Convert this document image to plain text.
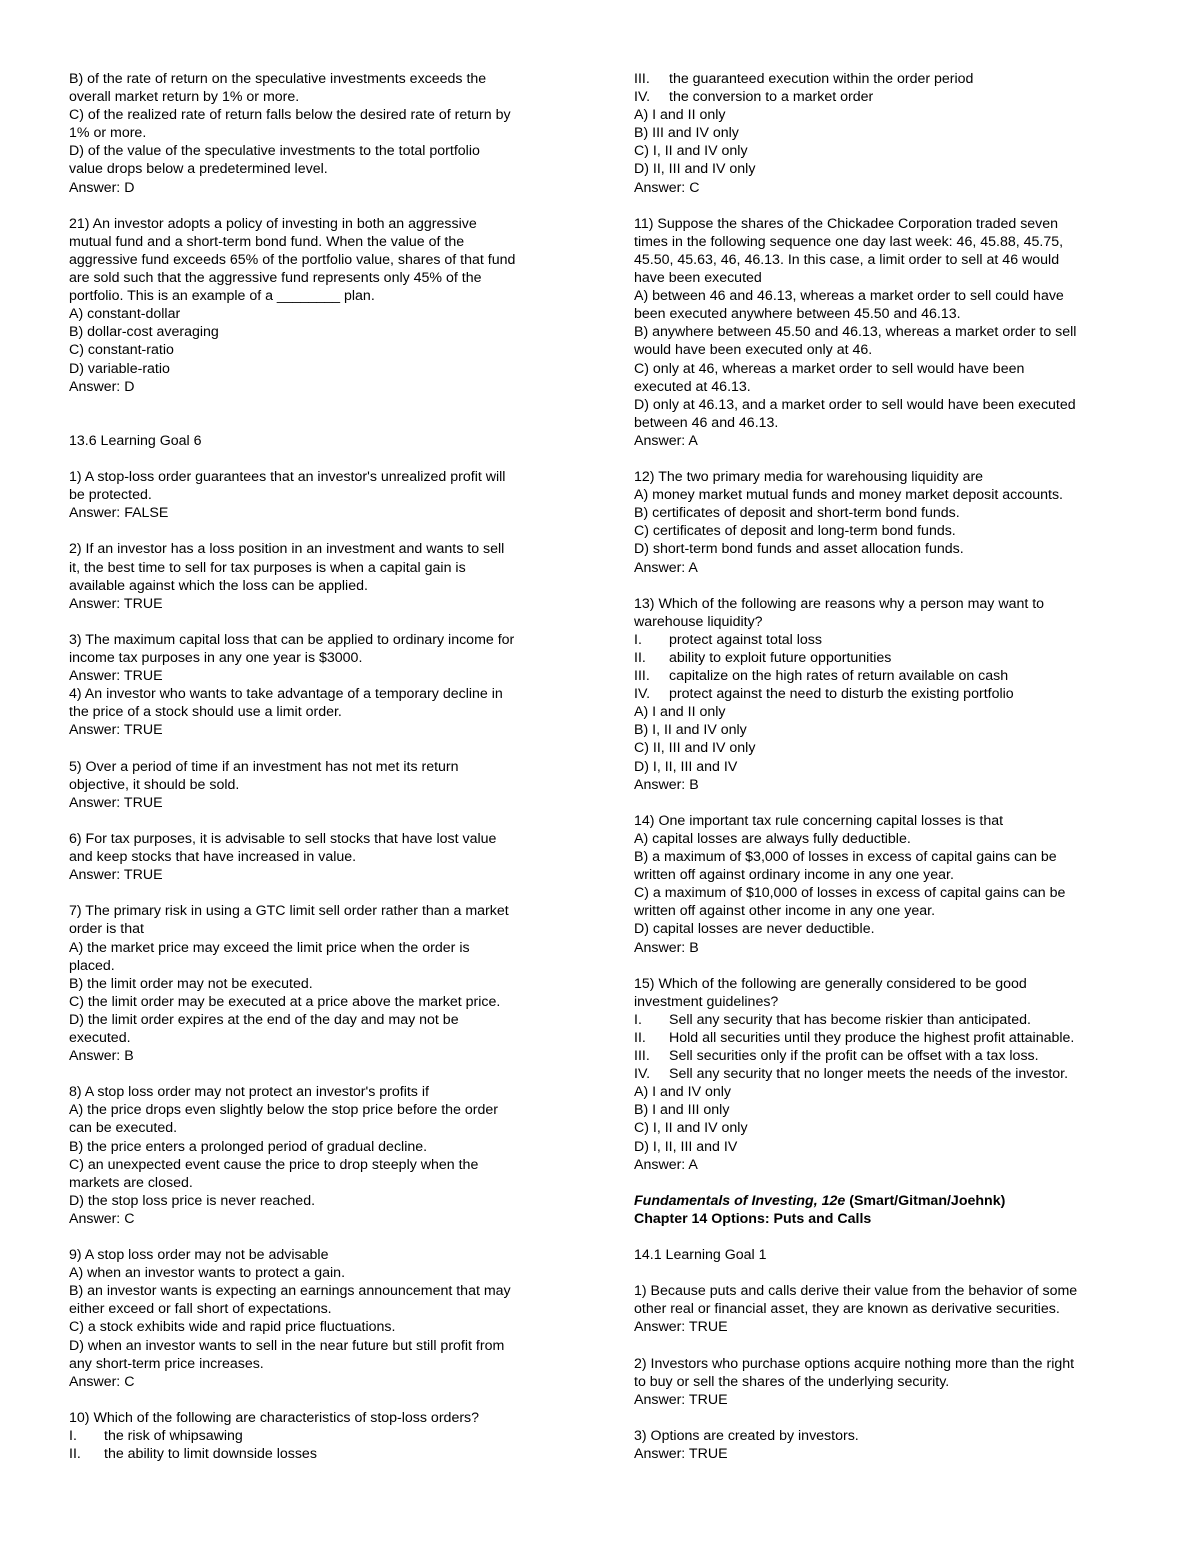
B) of the rate of return on the speculative investments exceeds the
overall market return by 1% or more.
C) of the realized rate of return falls below the desired rate of return by
1% or more.
D) of the value of the speculative investments to the total portfolio
value drops below a predetermined level.
Answer: D
21) An investor adopts a policy of investing in both an aggressive
mutual fund and a short-term bond fund. When the value of the
aggressive fund exceeds 65% of the portfolio value, shares of that fund
are sold such that the aggressive fund represents only 45% of the
portfolio. This is an example of a ________ plan.
A) constant-dollar
B) dollar-cost averaging
C) constant-ratio
D) variable-ratio
Answer: D
13.6 Learning Goal 6
1) A stop-loss order guarantees that an investor's unrealized profit will
be protected.
Answer: FALSE
2) If an investor has a loss position in an investment and wants to sell
it, the best time to sell for tax purposes is when a capital gain is
available against which the loss can be applied.
Answer: TRUE
3) The maximum capital loss that can be applied to ordinary income for
income tax purposes in any one year is $3000.
Answer: TRUE
4) An investor who wants to take advantage of a temporary decline in
the price of a stock should use a limit order.
Answer: TRUE
5) Over a period of time if an investment has not met its return
objective, it should be sold.
Answer: TRUE
6) For tax purposes, it is advisable to sell stocks that have lost value
and keep stocks that have increased in value.
Answer: TRUE
7) The primary risk in using a GTC limit sell order rather than a market
order is that
A) the market price may exceed the limit price when the order is
placed.
B) the limit order may not be executed.
C) the limit order may be executed at a price above the market price.
D) the limit order expires at the end of the day and may not be
executed.
Answer: B
8) A stop loss order may not protect an investor's profits if
A) the price drops even slightly below the stop price before the order
can be executed.
B) the price enters a prolonged period of gradual decline.
C) an unexpected event cause the price to drop steeply when the
markets are closed.
D) the stop loss price is never reached.
Answer: C
9) A stop loss order may not be advisable
A) when an investor wants to protect a gain.
B) an investor wants is expecting an earnings announcement that may
either exceed or fall short of expectations.
C) a stock exhibits wide and rapid price fluctuations.
D) when an investor wants to sell in the near future but still profit from
any short-term price increases.
Answer: C
10) Which of the following are characteristics of stop-loss orders?
I. the risk of whipsawing
II. the ability to limit downside losses
III. the guaranteed execution within the order period
IV. the conversion to a market order
A) I and II only
B) III and IV only
C) I, II and IV only
D) II, III and IV only
Answer: C
11) Suppose the shares of the Chickadee Corporation traded seven
times in the following sequence one day last week: 46, 45.88, 45.75,
45.50, 45.63, 46, 46.13. In this case, a limit order to sell at 46 would
have been executed
A) between 46 and 46.13, whereas a market order to sell could have
been executed anywhere between 45.50 and 46.13.
B) anywhere between 45.50 and 46.13, whereas a market order to sell
would have been executed only at 46.
C) only at 46, whereas a market order to sell would have been
executed at 46.13.
D) only at 46.13, and a market order to sell would have been executed
between 46 and 46.13.
Answer: A
12) The two primary media for warehousing liquidity are
A) money market mutual funds and money market deposit accounts.
B) certificates of deposit and short-term bond funds.
C) certificates of deposit and long-term bond funds.
D) short-term bond funds and asset allocation funds.
Answer: A
13) Which of the following are reasons why a person may want to
warehouse liquidity?
I. protect against total loss
II. ability to exploit future opportunities
III. capitalize on the high rates of return available on cash
IV. protect against the need to disturb the existing portfolio
A) I and II only
B) I, II and IV only
C) II, III and IV only
D) I, II, III and IV
Answer: B
14) One important tax rule concerning capital losses is that
A) capital losses are always fully deductible.
B) a maximum of $3,000 of losses in excess of capital gains can be
written off against ordinary income in any one year.
C) a maximum of $10,000 of losses in excess of capital gains can be
written off against other income in any one year.
D) capital losses are never deductible.
Answer: B
15) Which of the following are generally considered to be good
investment guidelines?
I. Sell any security that has become riskier than anticipated.
II. Hold all securities until they produce the highest profit attainable.
III. Sell securities only if the profit can be offset with a tax loss.
IV. Sell any security that no longer meets the needs of the investor.
A) I and IV only
B) I and III only
C) I, II and IV only
D) I, II, III and IV
Answer: A
Fundamentals of Investing, 12e (Smart/Gitman/Joehnk)
Chapter 14 Options: Puts and Calls
14.1 Learning Goal 1
1) Because puts and calls derive their value from the behavior of some
other real or financial asset, they are known as derivative securities.
Answer: TRUE
2) Investors who purchase options acquire nothing more than the right
to buy or sell the shares of the underlying security.
Answer: TRUE
3) Options are created by investors.
Answer: TRUE
